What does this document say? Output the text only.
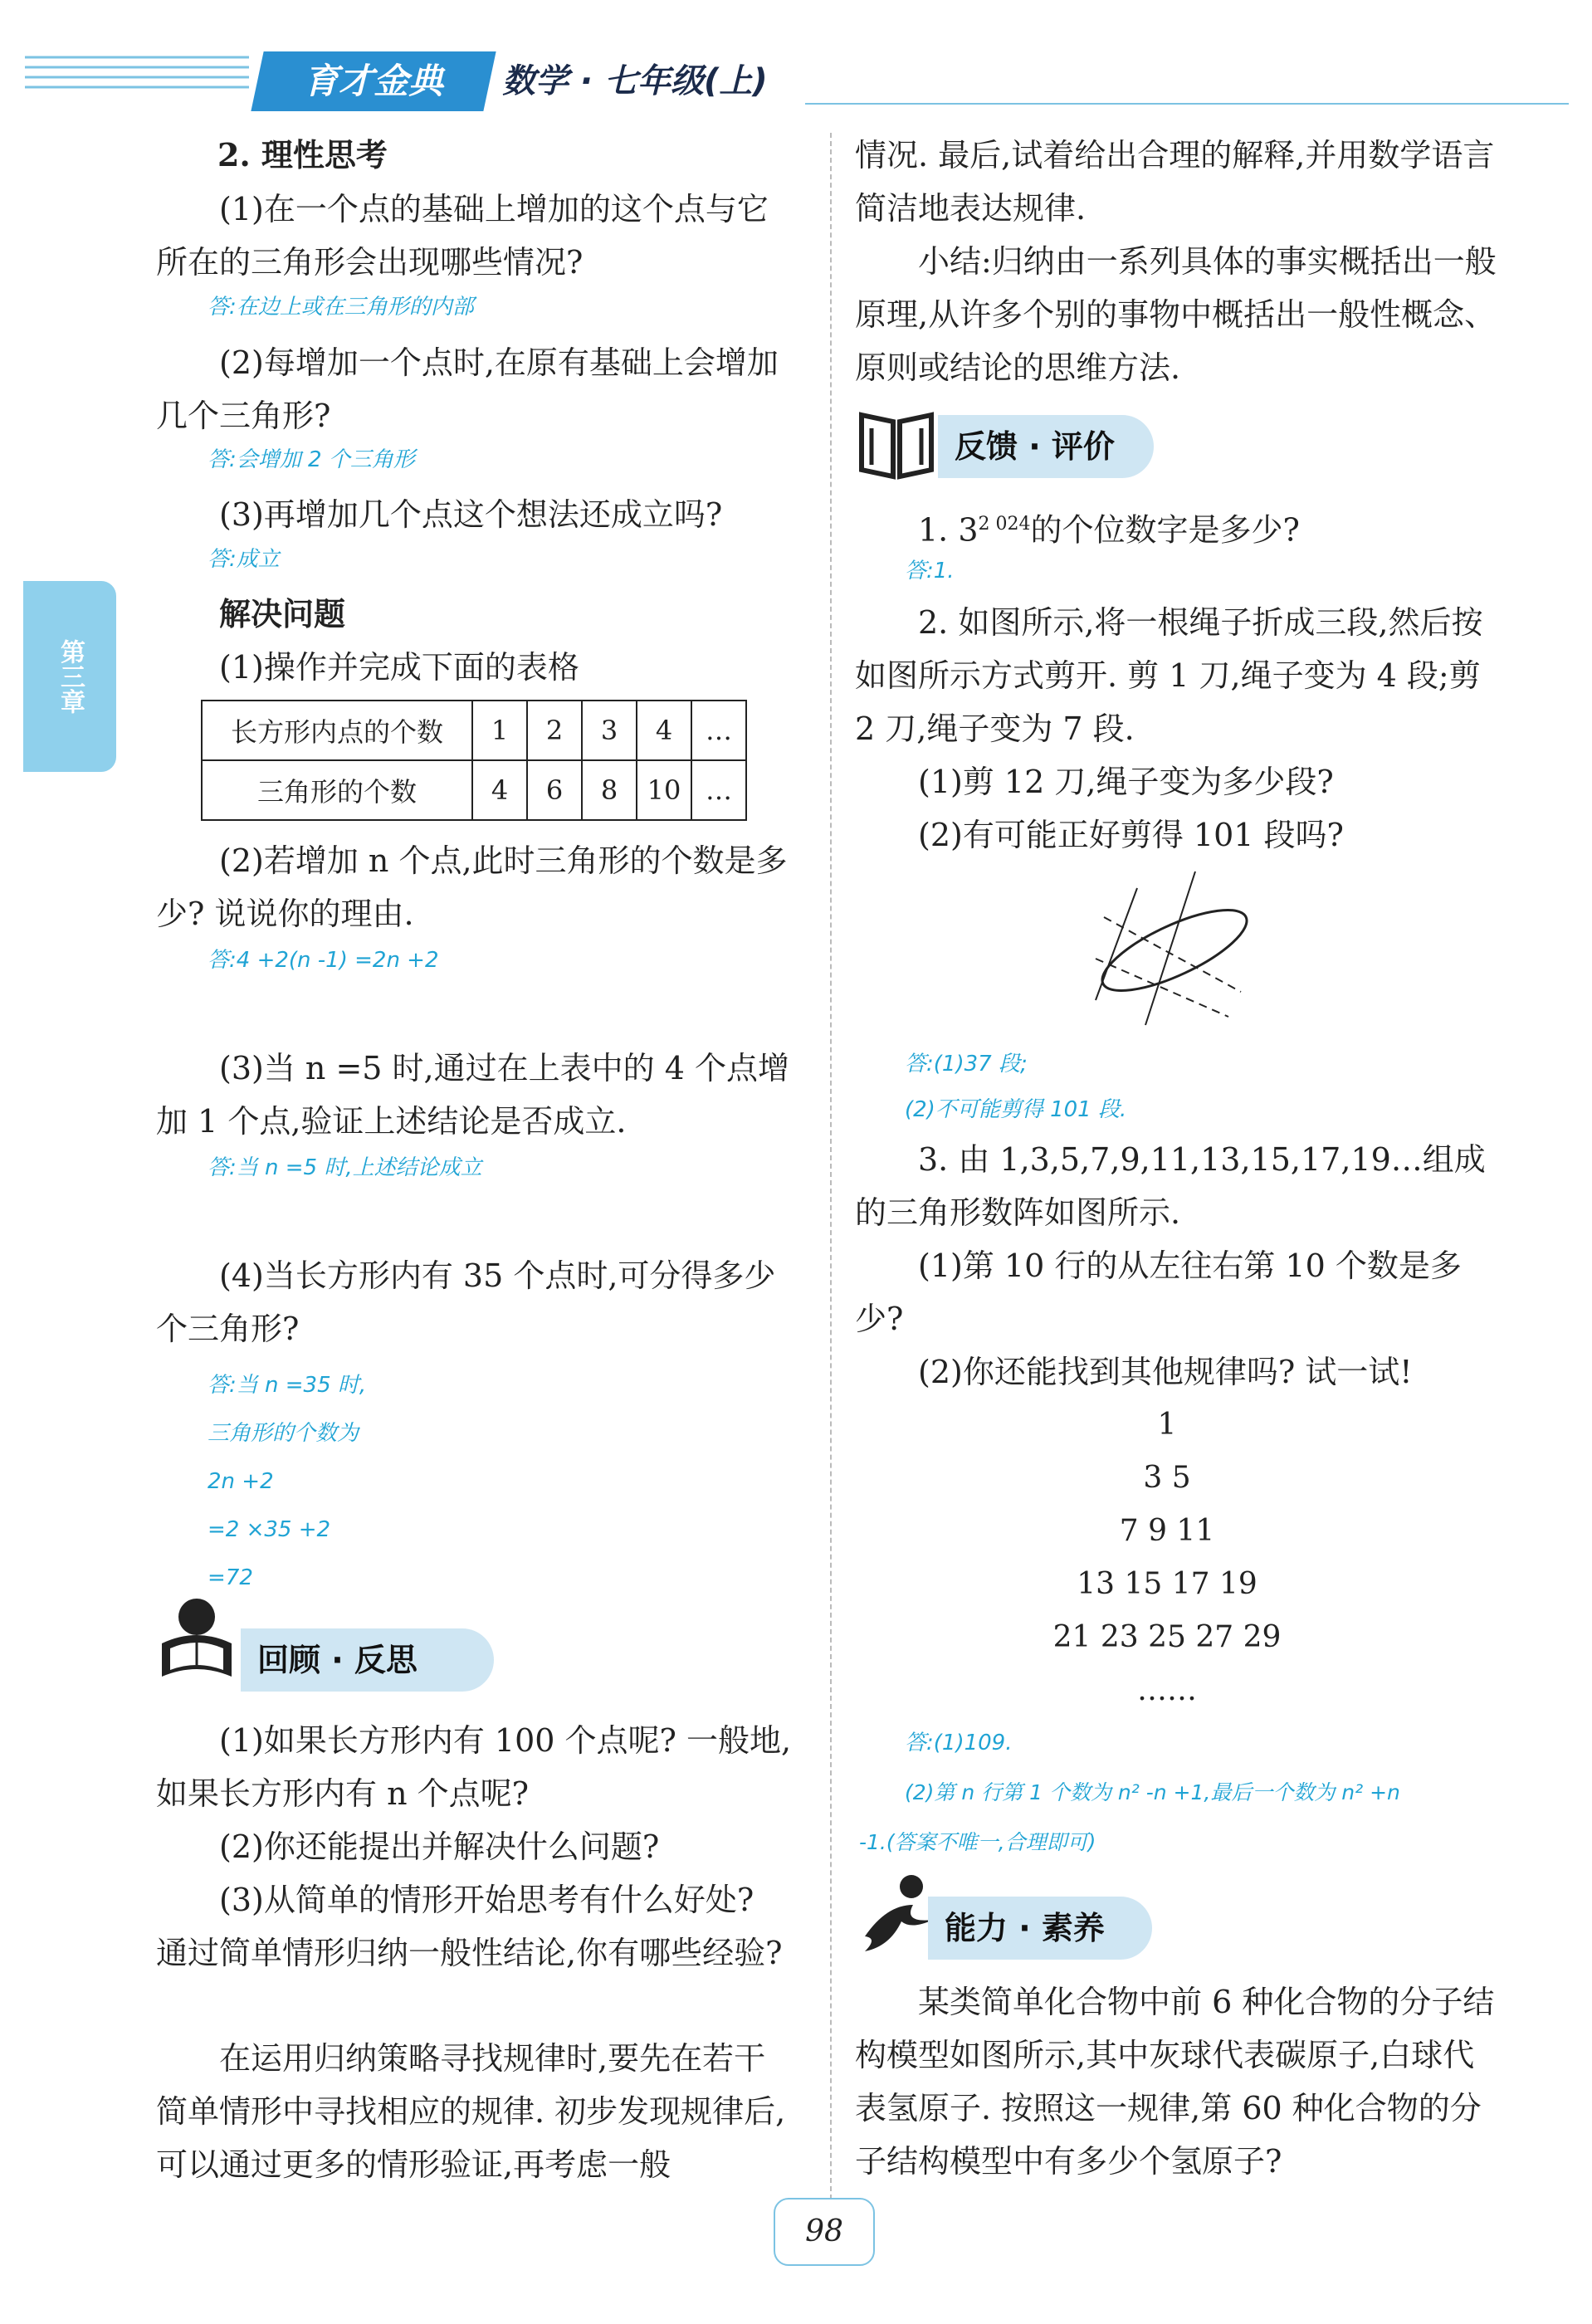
育才金典	数学 · 七年级(上)
第三章
2. 理性思考
(1)在一个点的基础上增加的这个点与它所在的三角形会出现哪些情况?
答:在边上或在三角形的内部
(2)每增加一个点时,在原有基础上会增加几个三角形?
答:会增加 2 个三角形
(3)再增加几个点这个想法还成立吗?
答:成立
解决问题
(1)操作并完成下面的表格
长方形内点的个数	1	2	3	4	…
三角形的个数	4	6	8	10	…
(2)若增加 n 个点,此时三角形的个数是多少? 说说你的理由.
答:4 +2(n -1) =2n +2
(3)当 n =5 时,通过在上表中的 4 个点增加 1 个点,验证上述结论是否成立.
答:当 n =5 时,上述结论成立
(4)当长方形内有 35 个点时,可分得多少个三角形?
答:当 n =35 时,
三角形的个数为
2n +2
=2 ×35 +2
=72
回顾 · 反思
(1)如果长方形内有 100 个点呢? 一般地,如果长方形内有 n 个点呢?
(2)你还能提出并解决什么问题?
(3)从简单的情形开始思考有什么好处? 通过简单情形归纳一般性结论,你有哪些经验?
在运用归纳策略寻找规律时,要先在若干简单情形中寻找相应的规律. 初步发现规律后,可以通过更多的情形验证,再考虑一般
情况. 最后,试着给出合理的解释,并用数学语言简洁地表达规律.
小结:归纳由一系列具体的事实概括出一般原理,从许多个别的事物中概括出一般性概念、原则或结论的思维方法.
反馈 · 评价
1. $3^{2 024}$的个位数字是多少?
答:1.
2. 如图所示,将一根绳子折成三段,然后按如图所示方式剪开. 剪 1 刀,绳子变为 4 段;剪 2 刀,绳子变为 7 段.
(1)剪 12 刀,绳子变为多少段?
(2)有可能正好剪得 101 段吗?
答:(1)37 段;
(2)不可能剪得 101 段.
3. 由 1,3,5,7,9,11,13,15,17,19…组成的三角形数阵如图所示.
(1)第 10 行的从左往右第 10 个数是多少?
(2)你还能找到其他规律吗? 试一试!
1
3 5
7 9 11
13 15 17 19
21 23 25 27 29
……
答:(1)109.
(2)第 n 行第 1 个数为 n² -n +1,最后一个数为 n² +n
-1.(答案不唯一,合理即可)
能力 · 素养
某类简单化合物中前 6 种化合物的分子结构模型如图所示,其中灰球代表碳原子,白球代表氢原子. 按照这一规律,第 60 种化合物的分子结构模型中有多少个氢原子?
98
